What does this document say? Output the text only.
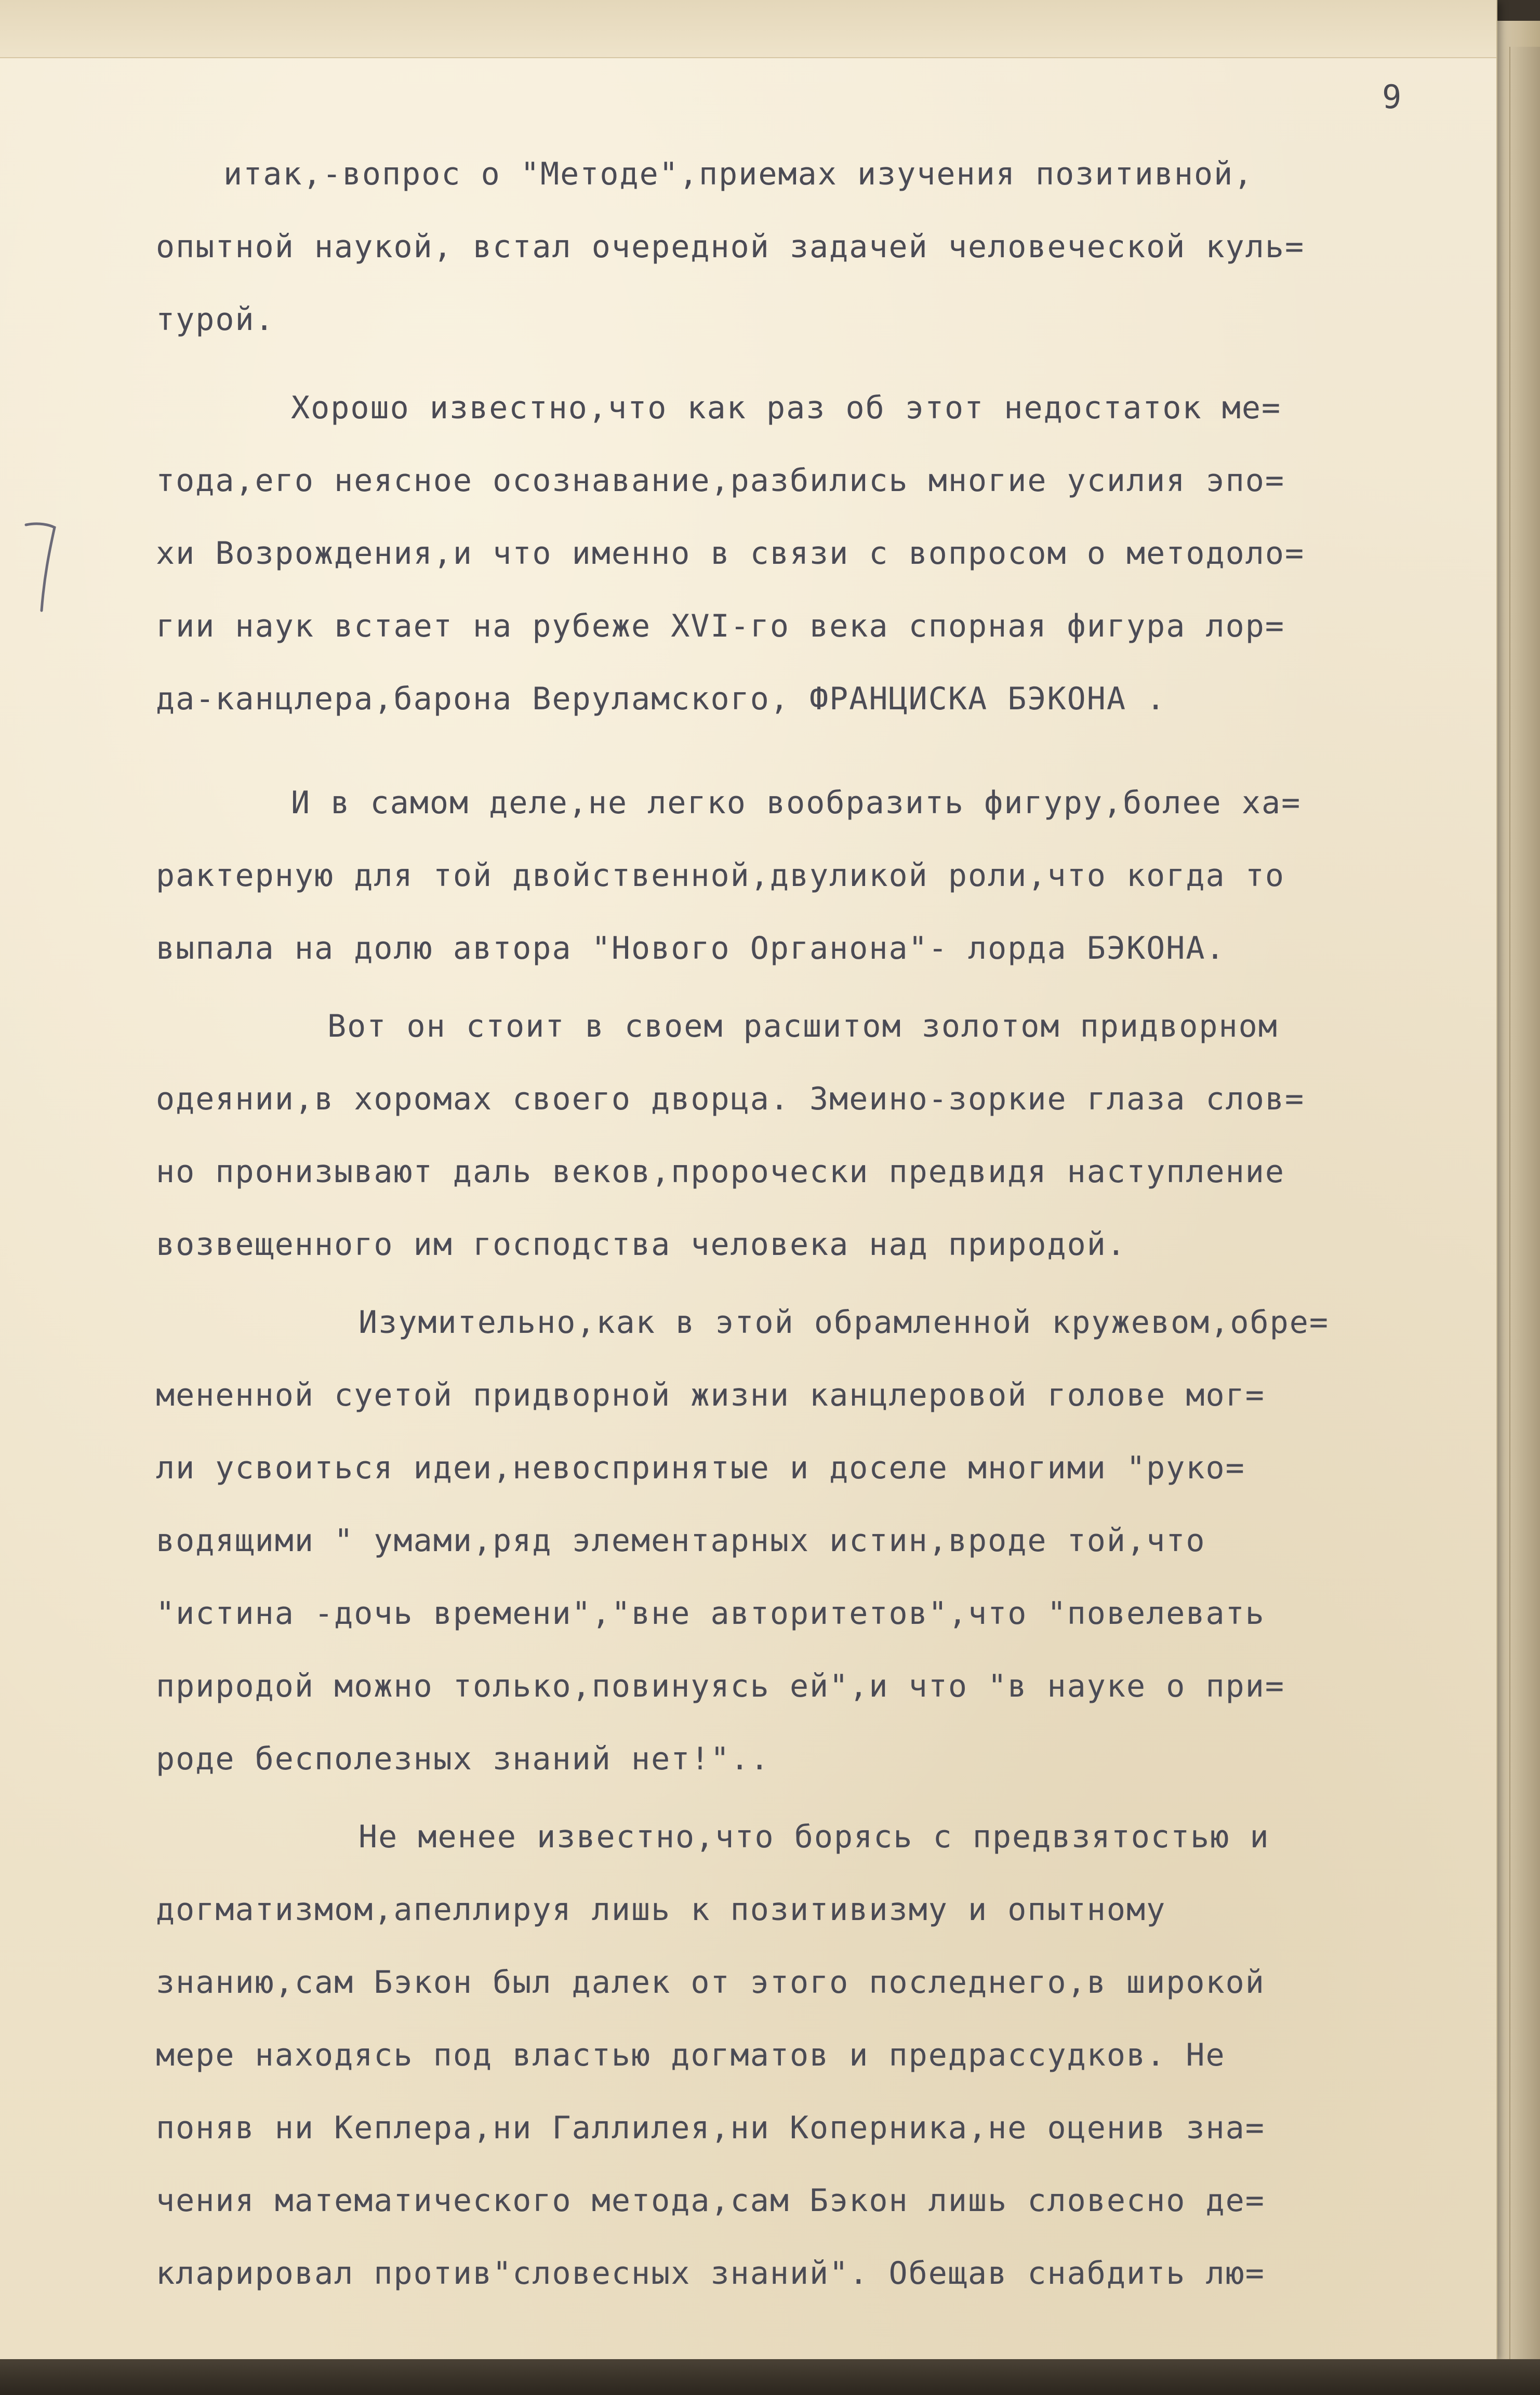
9

итак,-вопрос о "Методе",приемах изучения позитивной,

опытной наукой, встал очередной задачей человеческой куль=

турой.

Хорошо известно,что как раз об этот недостаток ме=

тода,его неясное осознавание,разбились многие усилия эпо=

хи Возрождения,и что именно в связи с вопросом о методоло=

гии наук встает на рубеже XVI-го века спорная фигура лор=

да-канцлера,барона Веруламского, ФРАНЦИСКА БЭКОНА .

И в самом деле,не легко вообразить фигуру,более ха=

рактерную для той двойственной,двуликой роли,что когда то

выпала на долю автора "Нового Органона"- лорда БЭКОНА.

Вот он стоит в своем расшитом золотом придворном

одеянии,в хоромах своего дворца. Змеино-зоркие глаза слов=

но пронизывают даль веков,пророчески предвидя наступление

возвещенного им господства человека над природой.

Изумительно,как в этой обрамленной кружевом,обре=

мененной суетой придворной жизни канцлеровой голове мог=

ли усвоиться идеи,невоспринятые и доселе многими "руко=

водящими " умами,ряд элементарных истин,вроде той,что

"истина -дочь времени","вне авторитетов",что "повелевать

природой можно только,повинуясь ей",и что "в науке о при=

роде бесполезных знаний нет!"..

Не менее известно,что борясь с предвзятостью и

догматизмом,апеллируя лишь к позитивизму и опытному

знанию,сам Бэкон был далек от этого последнего,в широкой

мере находясь под властью догматов и предрассудков. Не

поняв ни Кеплера,ни Галлилея,ни Коперника,не оценив зна=

чения математического метода,сам Бэкон лишь словесно де=

кларировал против"словесных знаний". Обещав снабдить лю=
